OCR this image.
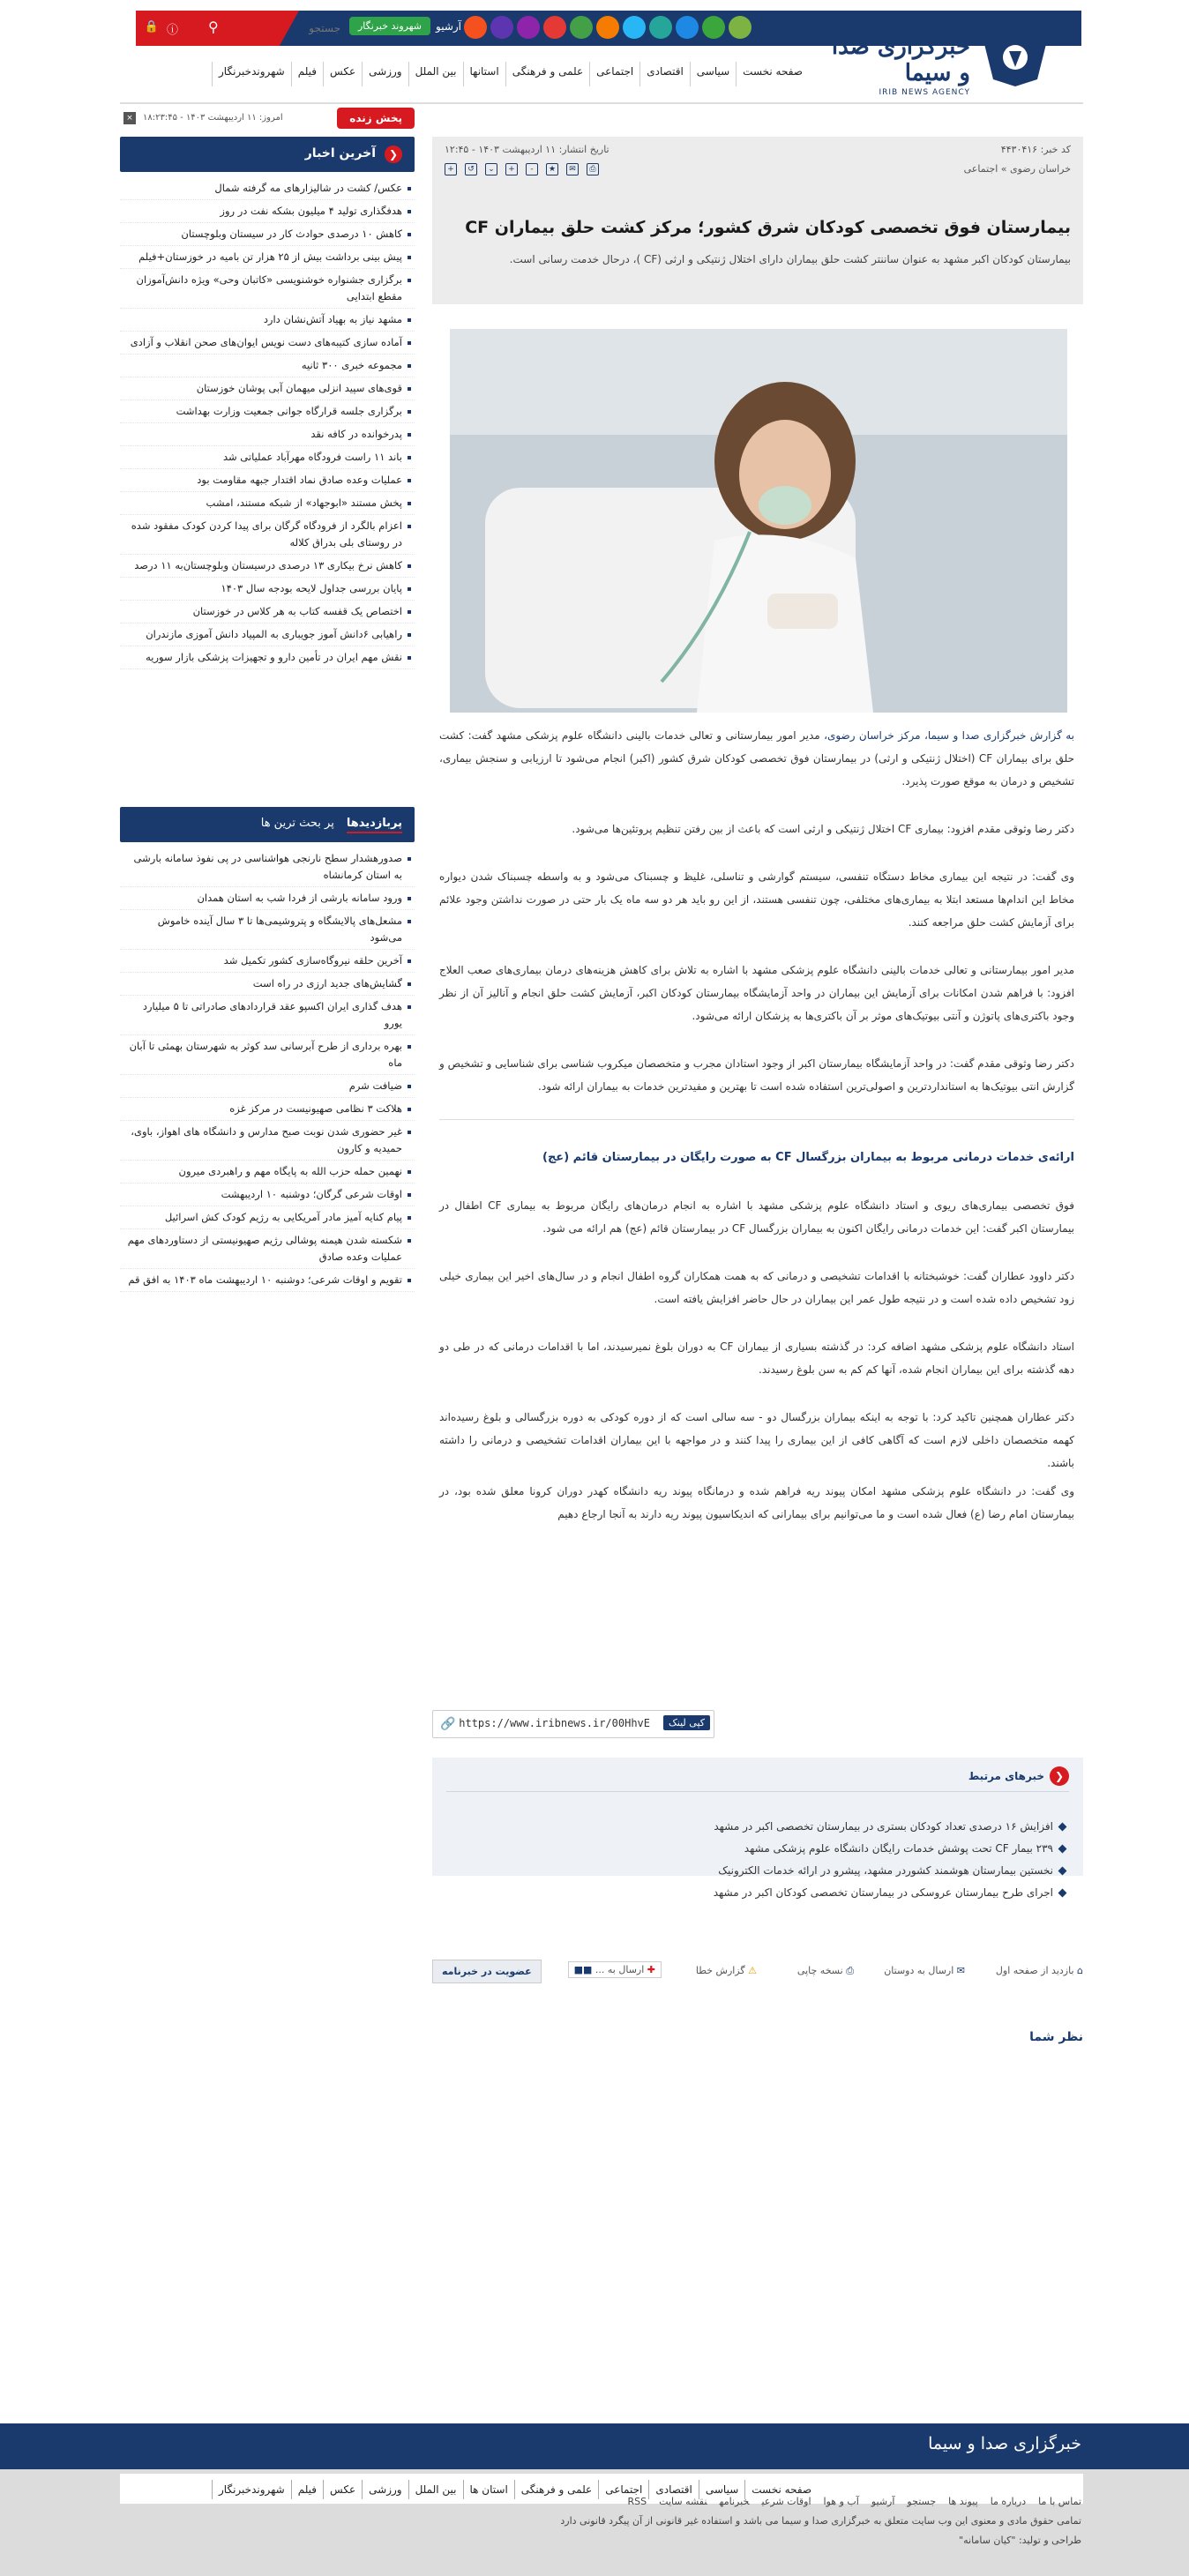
🔒 ⓘ ⚲
جستجو	آرشیو
شهروند خبرنگار
خبرگزاری صدا و سیما
IRIB NEWS AGENCY
صفحه نخست
سیاسی
اقتصادی
اجتماعی
علمی و فرهنگی
استانها
بین الملل
ورزشی
عکس
فیلم
شهروندخبرنگار
پخش زنده
امروز: ۱۱ اردیبهشت ۱۴۰۳ - ۱۸:۲۳:۴۵
×
❮
آخرین اخبار
عکس/ کشت در شالیزارهای مه گرفته شمال
هدفگذاری تولید ۴ میلیون بشکه نفت در روز
کاهش ۱۰ درصدی حوادث کار در سیستان وبلوچستان
پیش بینی برداشت بیش از ۲۵ هزار تن بامیه در خوزستان+فیلم
برگزاری جشنواره خوشنویسی «کاتبان وحی» ویژه دانش‌آموزان مقطع ابتدایی
مشهد نیاز به بهیاد آتش‌نشان دارد
آماده سازی کتیبه‌های دست نویس ایوان‌های صحن انقلاب و آزادی
مجموعه خبری ۳۰۰ ثانیه
قوی‌های سپید انزلی میهمان آبی پوشان خوزستان
برگزاری جلسه قرارگاه جوانی جمعیت وزارت بهداشت
پدرخوانده در کافه نقد
باند ۱۱ راست فرودگاه مهرآباد عملیاتی شد
عملیات وعده صادق نماد اقتدار جبهه مقاومت بود
پخش مستند «ابوجهاد» از شبکه مستند، امشب
اعزام بالگرد از فرودگاه گرگان برای پیدا کردن کودک مفقود شده در روستای بلی بدراق کلاله
کاهش نرخ بیکاری ۱۳ درصدی درسیستان وبلوچستان‌به ۱۱ درصد
پایان بررسی جداول لایحه بودجه سال ۱۴۰۳
اختصاص یک قفسه کتاب به هر کلاس در خوزستان
راهیابی ۶دانش آموز جویباری به المپیاد دانش آموزی مازندران
نقش مهم ایران در تأمین دارو و تجهیزات پزشکی بازار سوریه
پربازدیدها
پر بحث ترین ها
صدورهشدار سطح نارنجی هواشناسی در پی نفوذ سامانه بارشی به استان کرمانشاه
ورود سامانه بارشی از فردا شب به استان همدان
مشعل‌های پالایشگاه و پتروشیمی‌ها تا ۳ سال آینده خاموش می‌شود
آخرین حلقه نیروگاه‌سازی کشور تکمیل شد
گشایش‌های جدید ارزی در راه است
هدف گذاری ایران اکسپو عقد قراردادهای صادراتی تا ۵ میلیارد یورو
بهره برداری از طرح آبرسانی سد کوثر به شهرستان بهمئی تا آبان ماه
ضیافت شرم
هلاکت ۳ نظامی صهیونیست در مرکز غزه
غیر حضوری شدن نوبت صبح مدارس و دانشگاه های اهواز، باوی، حمیدیه و کارون
نهمین حمله حزب الله به پایگاه مهم و راهبردی میرون
اوقات شرعی گرگان؛ دوشنبه ۱۰ اردیبهشت
پیام کنایه آمیز مادر آمریکایی به رژیم کودک کش اسرائیل
شکسته شدن هیمنه پوشالی رژیم صهیونیستی از دستاوردهای مهم عملیات وعده صادق
تقویم و اوقات شرعی؛ دوشنبه ۱۰ اردیبهشت ماه ۱۴۰۳ به افق قم
کد خبر: ۴۴۳۰۴۱۶
تاریخ انتشار: ۱۱ اردیبهشت ۱۴۰۳ - ۱۲:۴۵
خراسان رضوی » اجتماعی
⎙
✉
★
-
+
⌄
↺
+
بیمارستان فوق تخصصی کودکان شرق کشور؛ مرکز کشت حلق بیماران CF

بیمارستان کودکان اکبر مشهد به عنوان ساننتر کشت حلق بیماران دارای اختلال ژنتیکی و ارثی (CF )، درحال خدمت رسانی است.

به گزارش خبرگزاری صدا و سیما، مرکز خراسان رضوی، مدیر امور بیمارستانی و تعالی خدمات بالینی دانشگاه علوم پزشکی مشهد گفت: کشت حلق برای بیماران CF (اختلال ژنتیکی و ارثی) در بیمارستان فوق تخصصی کودکان شرق کشور (اکبر) انجام می‌شود تا ارزیابی و سنجش بیماری، تشخیص و درمان به موقع صورت پذیرد.

دکتر رضا وثوقی مقدم افزود: بیماری CF اختلال ژنتیکی و ارثی است که باعث از بین رفتن تنظیم پروتئین‌ها می‌شود.

وی گفت: در نتیجه این بیماری مخاط دستگاه تنفسی، سیستم گوارشی و تناسلی، غلیظ و چسبناک می‌شود و به واسطه چسبناک شدن دیواره مخاط این اندام‌ها مستعد ابتلا به بیماری‌های مختلفی، چون تنفسی هستند، از این رو باید هر دو سه ماه یک بار حتی در صورت نداشتن وجود علائم برای آزمایش کشت حلق مراجعه کنند.

مدیر امور بیمارستانی و تعالی خدمات بالینی دانشگاه علوم پزشکی مشهد با اشاره به تلاش برای کاهش هزینه‌های درمان بیماری‌های صعب العلاج افزود: با فراهم شدن امکانات برای آزمایش این بیماران در واحد آزمایشگاه بیمارستان کودکان اکبر، آزمایش کشت حلق انجام و آنالیز آن از نظر وجود باکتری‌های پاتوژن و آنتی بیوتیک‌های موثر بر آن باکتری‌ها به پزشکان ارائه می‌شود.

دکتر رضا وثوقی مقدم گفت: در واحد آزمایشگاه بیمارستان اکبر از وجود استادان مجرب و متخصصان میکروب شناسی برای شناسایی و تشخیص و گزارش انتی بیوتیک‌ها به استانداردترین و اصولی‌ترین استفاده شده است تا بهترین و مفیدترین خدمات به بیماران ارائه شود.

ارائه‌ی خدمات درمانی مربوط به بیماران بزرگسال CF به صورت رایگان در بیمارستان قائم (عج)

فوق تخصصی بیماری‌های ریوی و استاد دانشگاه علوم پزشکی مشهد با اشاره به انجام درمان‌های رایگان مربوط به بیماری CF اطفال در بیمارستان اکبر گفت: این خدمات درمانی رایگان اکنون به بیماران بزرگسال CF در بیمارستان قائم (عج) هم ارائه می شود.

دکتر داوود عطاران گفت: خوشبختانه با اقدامات تشخیصی و درمانی که به همت همکاران گروه اطفال انجام و در سال‌های اخیر این بیماری خیلی زود تشخیص داده شده است و در نتیجه طول عمر این بیماران در حال حاضر افزایش یافته است.

استاد دانشگاه علوم پزشکی مشهد اضافه کرد: در گذشته بسیاری از بیماران CF به دوران بلوغ نمیرسیدند، اما با اقدامات درمانی که در طی دو دهه گذشته برای این بیماران انجام شده، آنها کم کم به سن بلوغ رسیدند.

دکتر عطاران همچنین تاکید کرد: با توجه به اینکه بیماران بزرگسال دو - سه سالی است که از دوره کودکی به دوره بزرگسالی و بلوغ رسیده‌اند کهمه متخصصان داخلی لازم است که آگاهی کافی از این بیماری را پیدا کنند و در مواجهه با این بیماران اقدامات تشخیصی و درمانی را داشته باشند.

وی گفت: در دانشگاه علوم پزشکی مشهد امکان پیوند ریه فراهم شده و درمانگاه پیوند ریه دانشگاه کهدر دوران کرونا معلق شده بود، در بیمارستان امام رضا (ع) فعال شده است و ما می‌توانیم برای بیمارانی که اندیکاسیون پیوند ریه دارند به آنجا ارجاع دهیم

کپی لینک
https://www.iribnews.ir/00HhvE
🔗
❮
خبرهای مرتبط
افزایش ۱۶ درصدی تعداد کودکان بستری در بیمارستان تخصصی اکبر در مشهد
۲۳۹ بیمار CF تحت پوشش خدمات رایگان دانشگاه علوم پزشکی مشهد
نخستین بیمارستان هوشمند کشوردر مشهد، پیشرو در ارائه خدمات الکترونیک
اجرای طرح بیمارستان عروسکی در بیمارستان تخصصی کودکان اکبر در مشهد
⌂ بازدید از صفحه اول
✉ ارسال به دوستان
⎙ نسخه چاپی
⚠ گزارش خطا
✚ ارسال به ... ■■
عضویت در خبرنامه
نظر شما
خبرگزاری صدا و سیما
صفحه نخست
سیاسی
اقتصادی
اجتماعی
علمی و فرهنگی
استان ها
بین الملل
ورزشی
عکس
فیلم
شهروندخبرنگار
تماس با مادرباره ماپیوند هاجستجوآرشیوآب و هوااوقات شرعیخبرنامهنقشه سایتRSS
تمامی حقوق مادی و معنوی این وب سایت متعلق به خبرگزاری صدا و سیما می باشد و استفاده غیر قانونی از آن پیگرد قانونی دارد
طراحی و تولید: "کیان سامانه"
